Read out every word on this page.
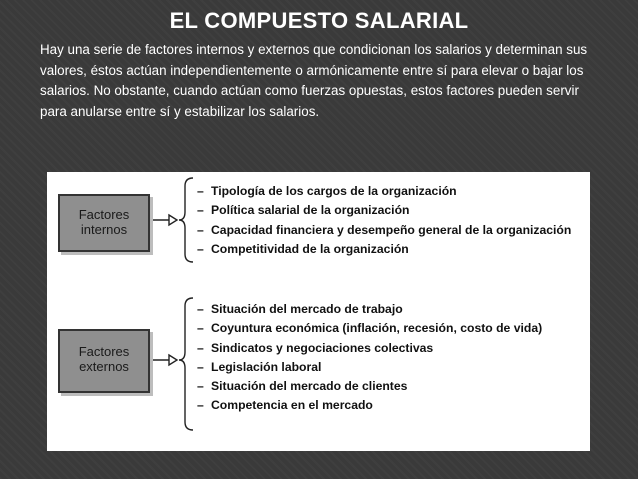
EL COMPUESTO SALARIAL
Hay una serie de factores internos y externos que condicionan los salarios y determinan sus valores, éstos actúan independientemente o armónicamente entre sí para elevar o bajar los salarios. No obstante, cuando actúan como fuerzas opuestas, estos factores pueden servir para anularse entre sí y estabilizar los salarios.
Factores internos
– Tipología de los cargos de la organización
– Política salarial de la organización
– Capacidad financiera y desempeño general de la organización
– Competitividad de la organización
Factores externos
– Situación del mercado de trabajo
– Coyuntura económica (inflación, recesión, costo de vida)
– Sindicatos y negociaciones colectivas
– Legislación laboral
– Situación del mercado de clientes
– Competencia en el mercado
